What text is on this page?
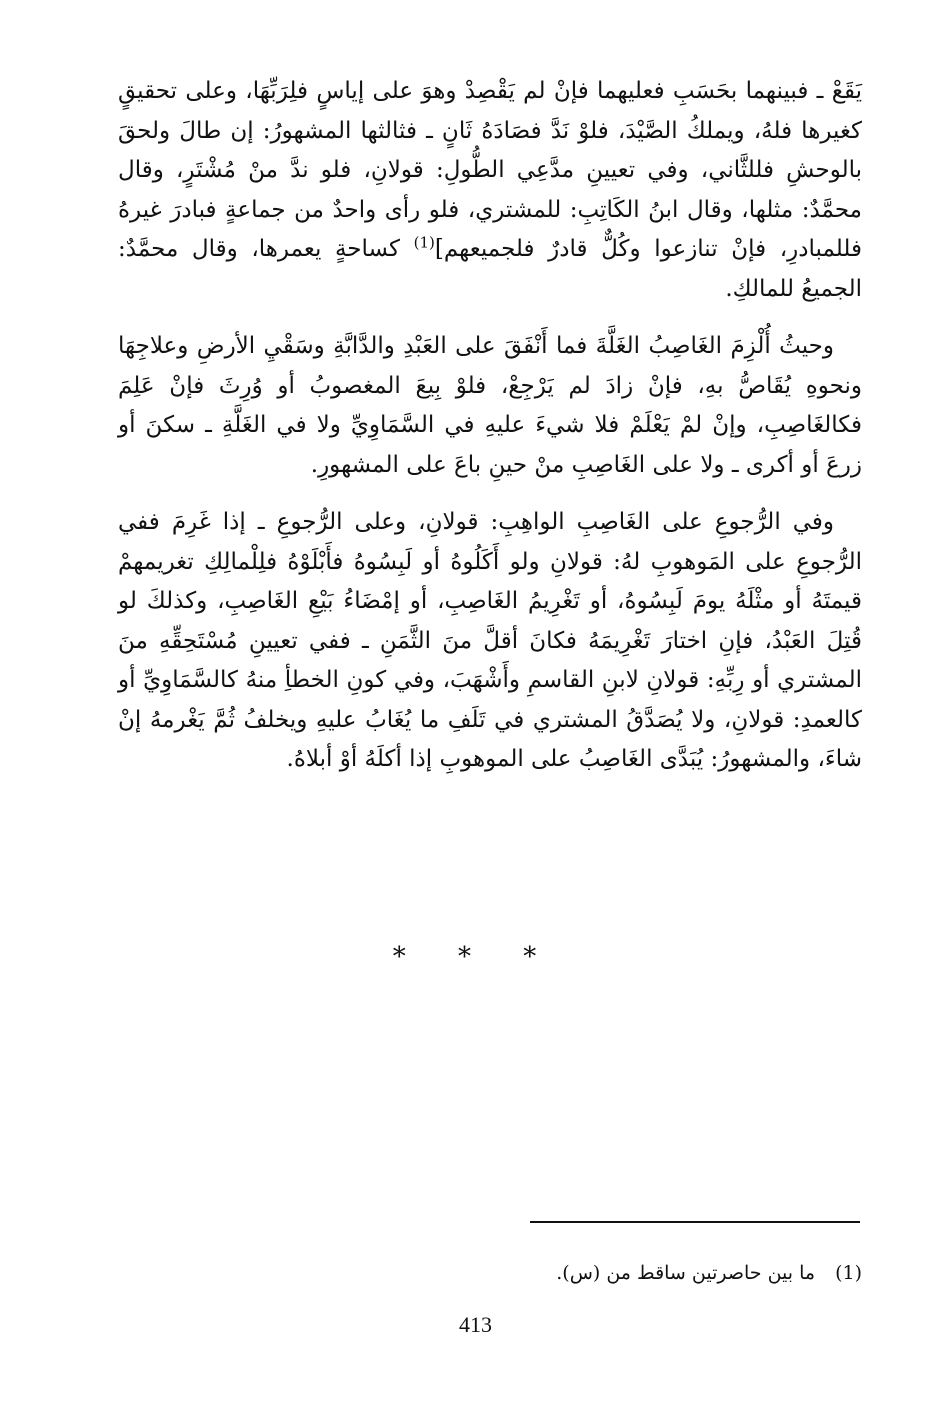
يَقَعْ ـ فبينهما بحَسَبِ فعليهما فإنْ لم يَقْصِدْ وهوَ على إياسٍ فلِرَبِّهَا، وعلى تحقيقٍ كغيرها فلهُ، ويملكُ الصَّيْدَ، فلوْ نَدَّ فصَادَهُ ثَانٍ ـ فثالثها المشهورُ: إن طالَ ولحقَ بالوحشِ فللثَّاني، وفي تعيينِ مدَّعِي الطُّولِ: قولانِ، فلو ندَّ منْ مُشْتَرٍ، وقال محمَّدٌ: مثلها، وقال ابنُ الكَاتِبِ: للمشتري، فلو رأى واحدٌ من جماعةٍ فبادرَ غيرهُ فللمبادرِ، فإنْ تنازعوا وكُلٌّ قادرٌ فلجميعهم]$^{(1)}$ كساحةٍ يعمرها، وقال محمَّدٌ: الجميعُ للمالكِ.

وحيثُ أُلْزِمَ الغَاصِبُ الغَلَّةَ فما أَنْفَقَ على العَبْدِ والدَّابَّةِ وسَقْيِ الأرضِ وعلاجِهَا ونحوهِ يُقَاصُّ بهِ، فإنْ زادَ لم يَرْجِعْ، فلوْ بِيعَ المغصوبُ أو وُرِثَ فإنْ عَلِمَ فكالغَاصِبِ، وإنْ لمْ يَعْلَمْ فلا شيءَ عليهِ في السَّمَاوِيِّ ولا في الغَلَّةِ ـ سكنَ أو زرعَ أو أكرى ـ ولا على الغَاصِبِ منْ حينِ باعَ على المشهورِ.

وفي الرُّجوعِ على الغَاصِبِ الواهِبِ: قولانِ، وعلى الرُّجوعِ ـ إذا غَرِمَ ففي الرُّجوعِ على المَوهوبِ لهُ: قولانِ ولو أَكَلُوهُ أو لَبِسُوهُ فأَبْلَوْهُ فلِلْمالِكِ تغريمهمْ قيمتَهُ أو مثْلَهُ يومَ لَبِسُوهُ، أو تَغْرِيمُ الغَاصِبِ، أو إمْضَاءُ بَيْعِ الغَاصِبِ، وكذلكَ لو قُتِلَ العَبْدُ، فإنِ اختارَ تَغْرِيمَهُ فكانَ أقلَّ منَ الثَّمَنِ ـ ففي تعيينِ مُسْتَحِقِّهِ منَ المشتري أو رِبِّهِ: قولانِ لابنِ القاسمِ وأَشْهَبَ، وفي كونِ الخطأِ منهُ كالسَّمَاوِيِّ أو كالعمدِ: قولانِ، ولا يُصَدَّقُ المشتري في تَلَفِ ما يُغَابُ عليهِ ويخلفُ ثُمَّ يَغْرمهُ إنْ شاءَ، والمشهورُ: يُبَدَّى الغَاصِبُ على الموهوبِ إذا أكلَهُ أوْ أبلاهُ.

* * *
(1)ما بين حاصرتين ساقط من (س).
413
